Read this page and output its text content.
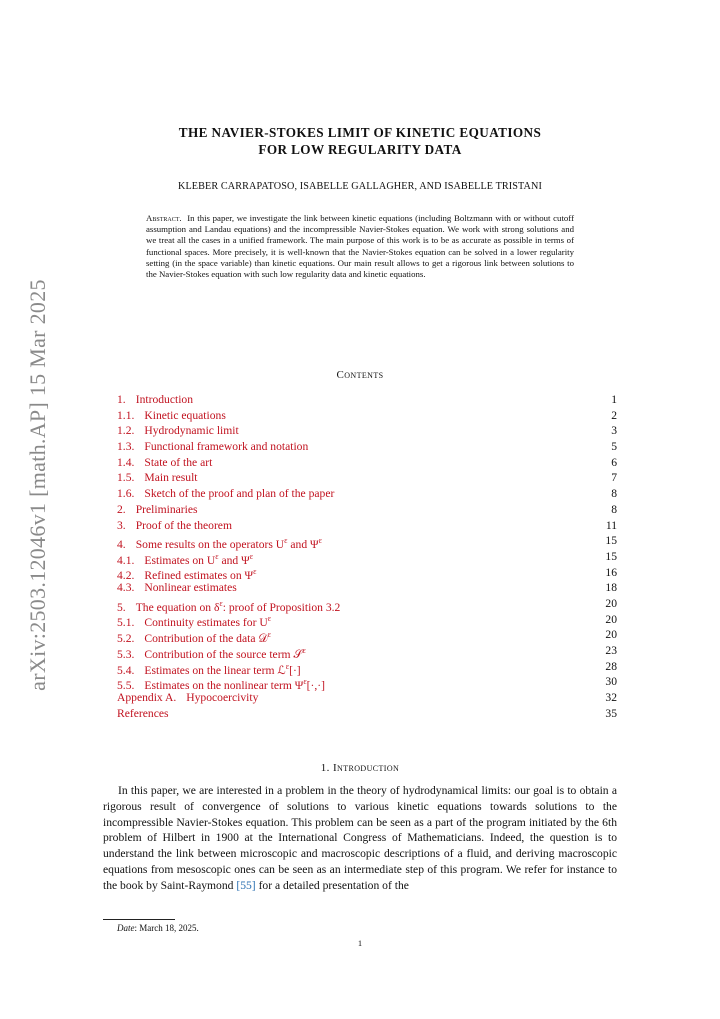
arXiv:2503.12046v1 [math.AP] 15 Mar 2025
THE NAVIER-STOKES LIMIT OF KINETIC EQUATIONS
FOR LOW REGULARITY DATA
KLEBER CARRAPATOSO, ISABELLE GALLAGHER, AND ISABELLE TRISTANI
Abstract. In this paper, we investigate the link between kinetic equations (including Boltzmann with or without cutoff assumption and Landau equations) and the incompressible Navier-Stokes equation. We work with strong solutions and we treat all the cases in a unified framework. The main purpose of this work is to be as accurate as possible in terms of functional spaces. More precisely, it is well-known that the Navier-Stokes equation can be solved in a lower regularity setting (in the space variable) than kinetic equations. Our main result allows to get a rigorous link between solutions to the Navier-Stokes equation with such low regularity data and kinetic equations.
Contents
1. Introduction	1
1.1. Kinetic equations	2
1.2. Hydrodynamic limit	3
1.3. Functional framework and notation	5
1.4. State of the art	6
1.5. Main result	7
1.6. Sketch of the proof and plan of the paper	8
2. Preliminaries	8
3. Proof of the theorem	11
4. Some results on the operators $U^\varepsilon$ and $\Psi^\varepsilon$	15
4.1. Estimates on $U^\varepsilon$ and $\Psi^\varepsilon$	15
4.2. Refined estimates on $\Psi^\varepsilon$	16
4.3. Nonlinear estimates	18
5. The equation on $\delta^\varepsilon$: proof of Proposition 3.2	20
5.1. Continuity estimates for $U^\varepsilon$	20
5.2. Contribution of the data 𝒟$^\varepsilon$	20
5.3. Contribution of the source term 𝒮$^\varepsilon$	23
5.4. Estimates on the linear term ℒ$^\varepsilon$[·]	28
5.5. Estimates on the nonlinear term $\Psi^\varepsilon[\cdot,\cdot]$	30
Appendix A. Hypocoercivity	32
References	35
1. Introduction
In this paper, we are interested in a problem in the theory of hydrodynamical limits: our goal is to obtain a rigorous result of convergence of solutions to various kinetic equations towards solutions to the incompressible Navier-Stokes equation. This problem can be seen as a part of the program initiated by the 6th problem of Hilbert in 1900 at the International Congress of Mathematicians. Indeed, the question is to understand the link between microscopic and macroscopic descriptions of a fluid, and deriving macroscopic equations from mesoscopic ones can be seen as an intermediate step of this program. We refer for instance to the book by Saint-Raymond [55] for a detailed presentation of the
Date: March 18, 2025.
1
